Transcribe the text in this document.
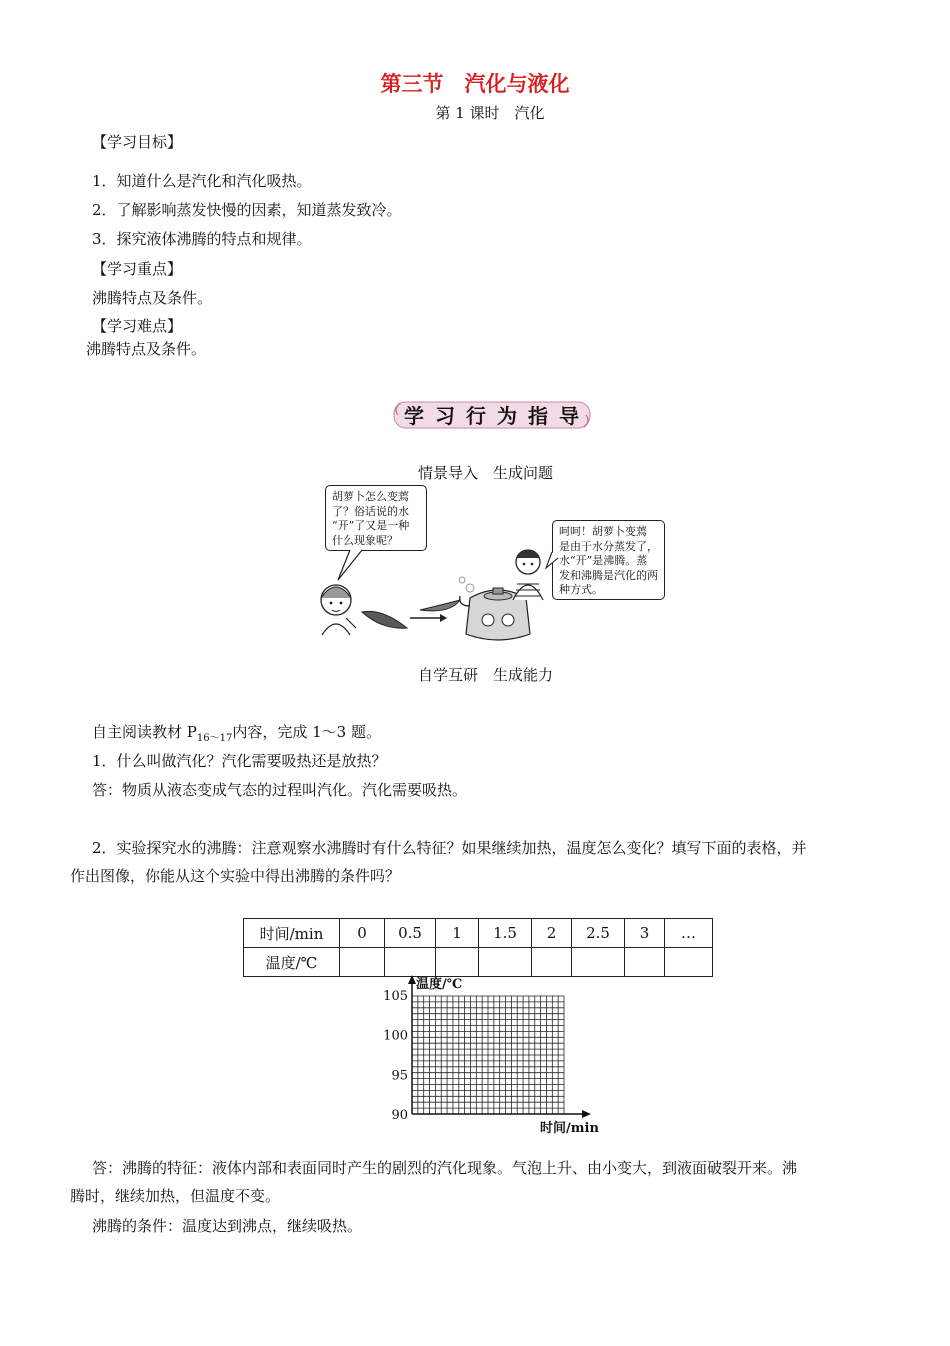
第三节　汽化与液化
第 1 课时　汽化
【学习目标】
1．知道什么是汽化和汽化吸热。
2．了解影响蒸发快慢的因素，知道蒸发致冷。
3．探究液体沸腾的特点和规律。
【学习重点】
沸腾特点及条件。
【学习难点】
沸腾特点及条件。
学 习 行 为 指 导
情景导入　生成问题
胡萝卜怎么变蔫
了？俗话说的水
“开”了又是一种
什么现象呢？
呵呵！胡萝卜变蔫
是由于水分蒸发了，
水“开”是沸腾。蒸
发和沸腾是汽化的两
种方式。
自学互研　生成能力
自主阅读教材 $P_{16\sim 17}$内容，完成 1～3 题。
1．什么叫做汽化？汽化需要吸热还是放热？
答：物质从液态变成气态的过程叫汽化。汽化需要吸热。
2．实验探究水的沸腾：注意观察水沸腾时有什么特征？如果继续加热，温度怎么变化？填写下面的表格，并
作出图像，你能从这个实验中得出沸腾的条件吗？
时间/min	0	0.5	1	1.5	2	2.5	3	…
温度/℃								
温度/℃
时间/min
105
100
95
90
答：沸腾的特征：液体内部和表面同时产生的剧烈的汽化现象。气泡上升、由小变大，到液面破裂开来。沸
腾时，继续加热，但温度不变。
沸腾的条件：温度达到沸点，继续吸热。
